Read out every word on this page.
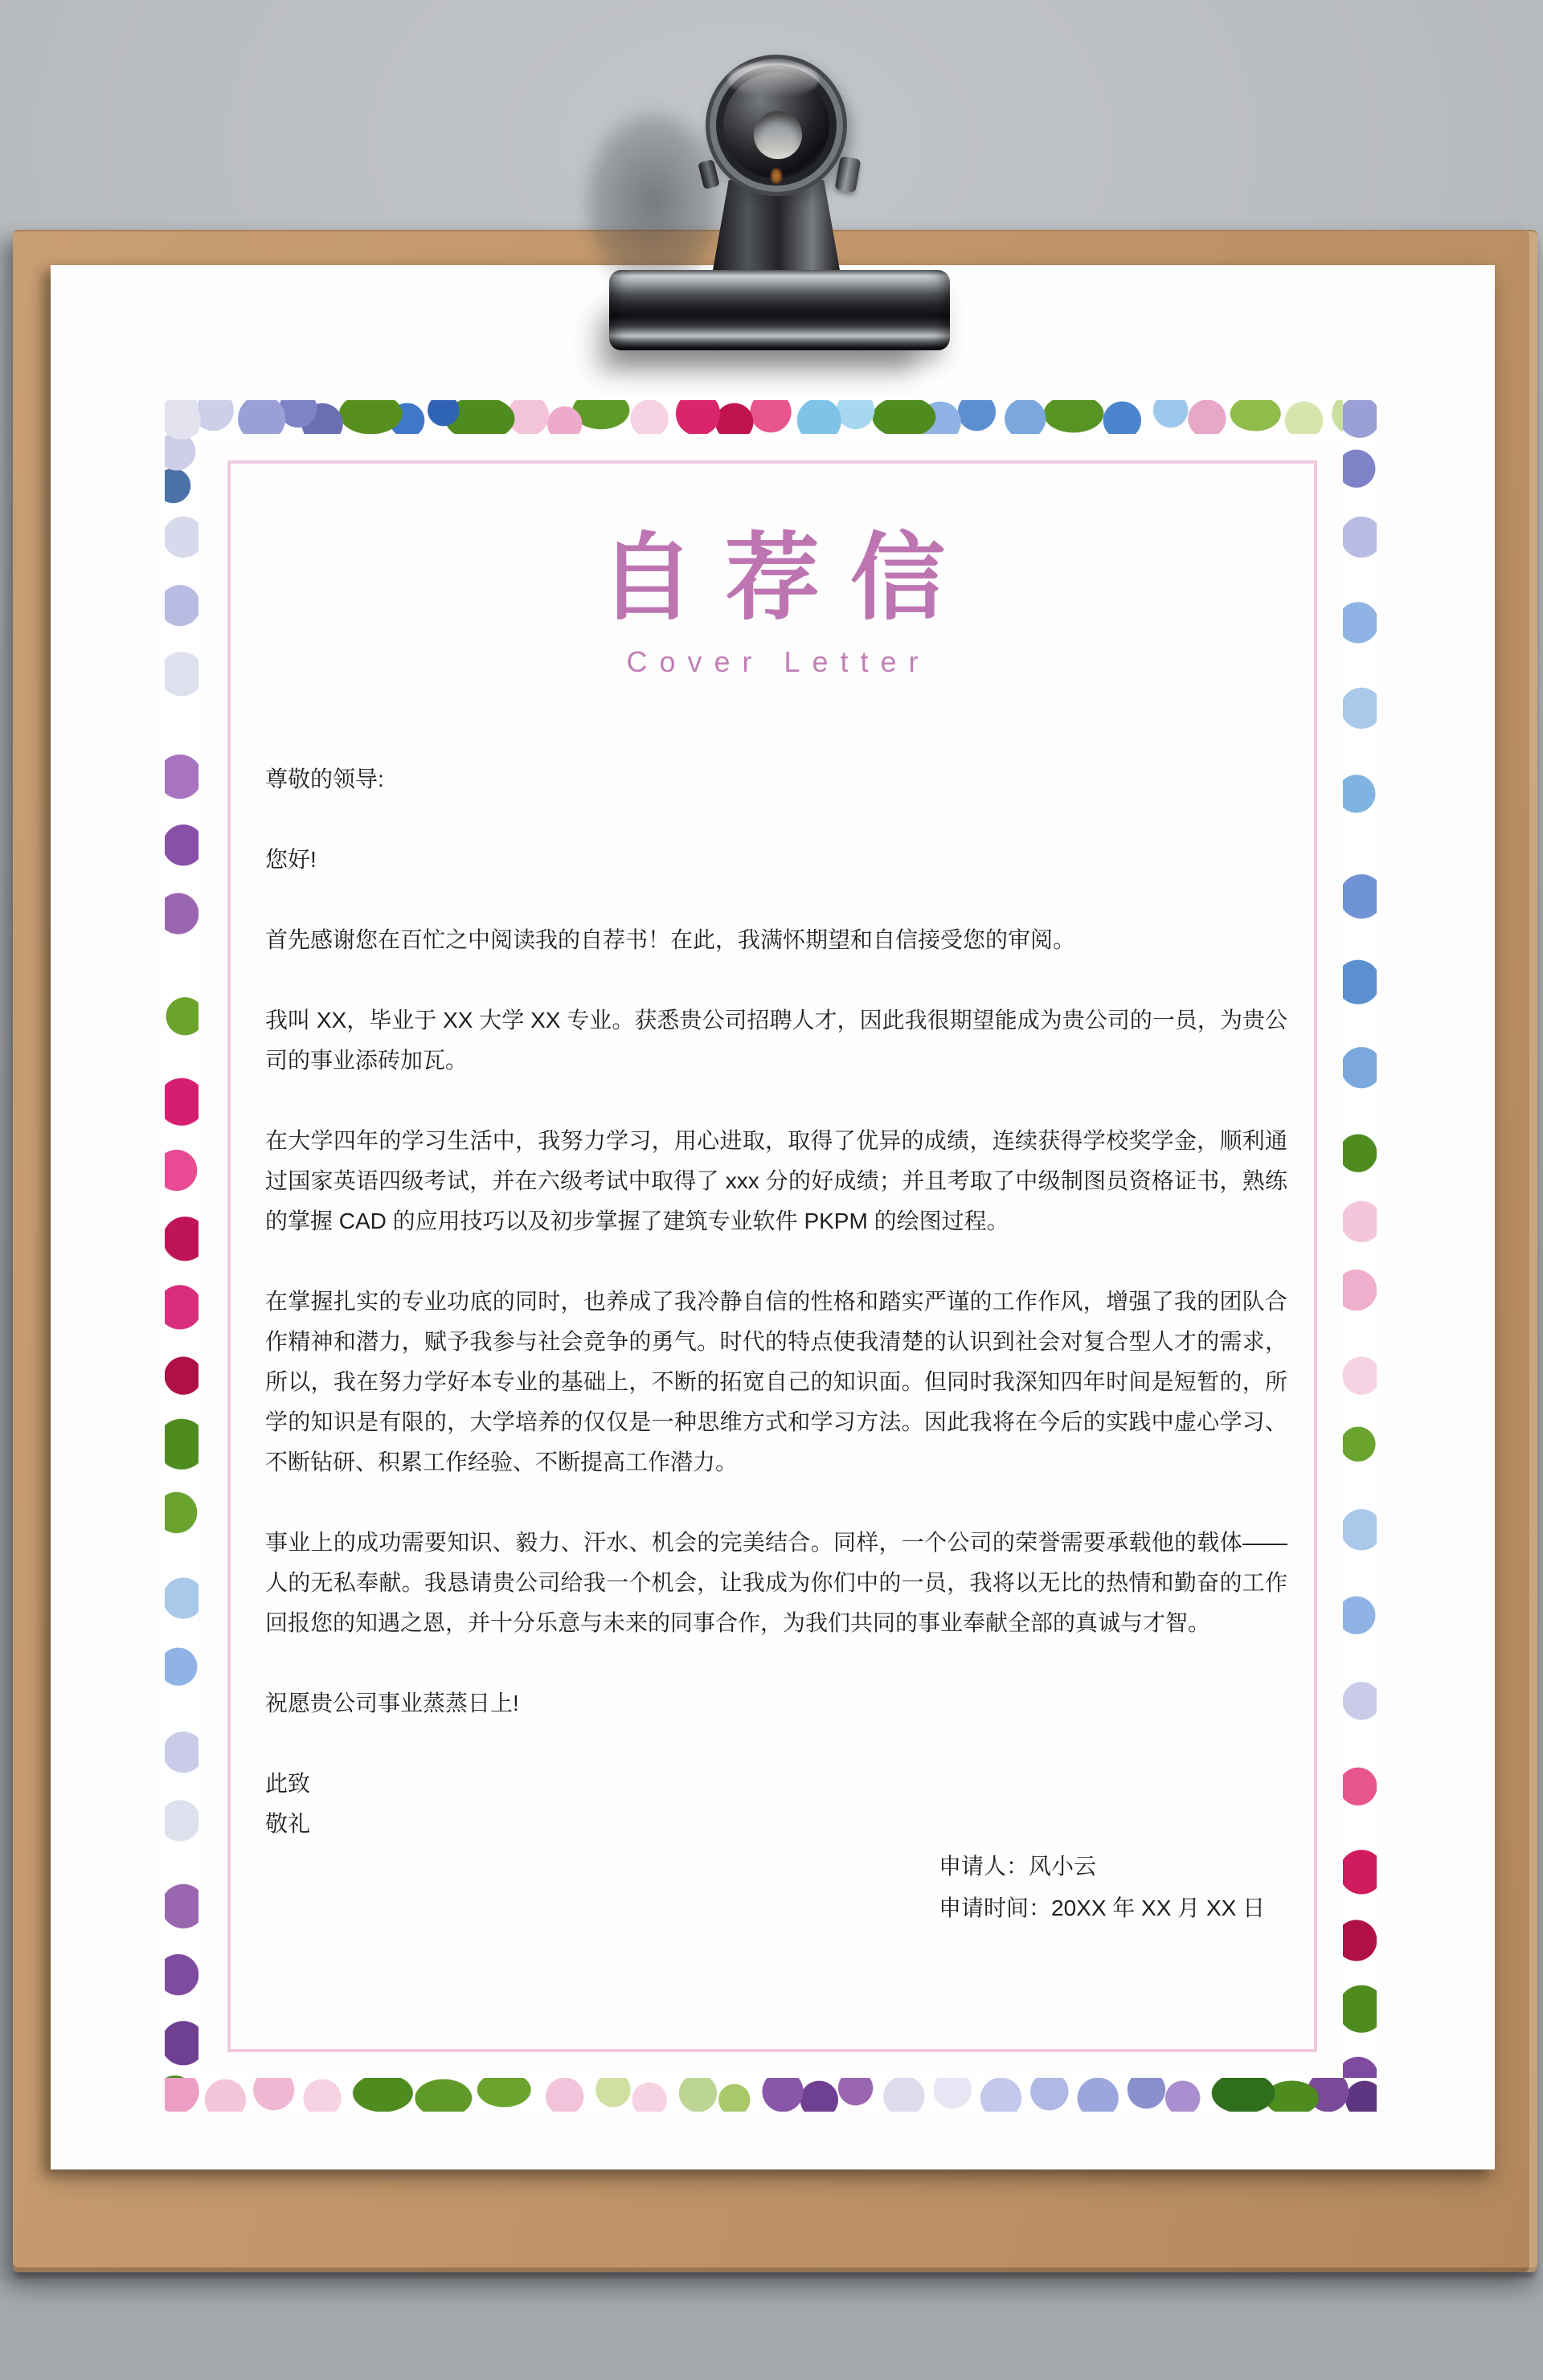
自荐信
Cover Letter

尊敬的领导:

您好!

首先感谢您在百忙之中阅读我的自荐书！在此，我满怀期望和自信接受您的审阅。

我叫 XX，毕业于 XX 大学 XX 专业。获悉贵公司招聘人才，因此我很期望能成为贵公司的一员，为贵公司的事业添砖加瓦。

在大学四年的学习生活中，我努力学习，用心进取，取得了优异的成绩，连续获得学校奖学金，顺利通过国家英语四级考试，并在六级考试中取得了 xxx 分的好成绩；并且考取了中级制图员资格证书，熟练的掌握 CAD 的应用技巧以及初步掌握了建筑专业软件 PKPM 的绘图过程。

在掌握扎实的专业功底的同时，也养成了我冷静自信的性格和踏实严谨的工作作风，增强了我的团队合作精神和潜力，赋予我参与社会竞争的勇气。时代的特点使我清楚的认识到社会对复合型人才的需求，所以，我在努力学好本专业的基础上，不断的拓宽自己的知识面。但同时我深知四年时间是短暂的，所学的知识是有限的，大学培养的仅仅是一种思维方式和学习方法。因此我将在今后的实践中虚心学习、不断钻研、积累工作经验、不断提高工作潜力。

事业上的成功需要知识、毅力、汗水、机会的完美结合。同样，一个公司的荣誉需要承载他的载体——人的无私奉献。我恳请贵公司给我一个机会，让我成为你们中的一员，我将以无比的热情和勤奋的工作回报您的知遇之恩，并十分乐意与未来的同事合作，为我们共同的事业奉献全部的真诚与才智。

祝愿贵公司事业蒸蒸日上!

此致
敬礼
申请人：风小云
申请时间：20XX 年 XX 月 XX 日
